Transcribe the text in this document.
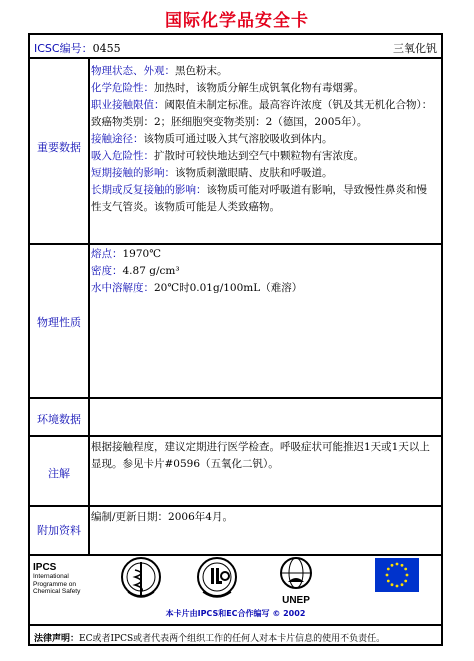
国际化学品安全卡
ICSC编号：0455	三氧化钒
重要数据

物理状态、外观：黑色粉末。

化学危险性：加热时，该物质分解生成钒氧化物有毒烟雾。

职业接触限值：阈限值未制定标准。最高容许浓度（钒及其无机化合物）：致癌物类别：2；胚细胞突变物类别：2（德国，2005年）。

接触途径：该物质可通过吸入其气溶胶吸收到体内。

吸入危险性：扩散时可较快地达到空气中颗粒物有害浓度。

短期接触的影响：该物质刺激眼睛、皮肤和呼吸道。

长期或反复接触的影响：该物质可能对呼吸道有影响，导致慢性鼻炎和慢性支气管炎。该物质可能是人类致癌物。

物理性质

熔点：1970℃

密度：4.87 g/cm³

水中溶解度：20℃时0.01g/100mL（难溶）

环境数据
注解
根据接触程度，建议定期进行医学检查。呼吸症状可能推迟1天或1天以上显现。参见卡片#0596（五氧化二钒）。
附加资料
编制/更新日期：2006年4月。
IPCS
International
Programme on
Chemical Safety
UNEP
本卡片由IPCS和EC合作编写 © 2002
法律声明：EC或者IPCS或者代表两个组织工作的任何人对本卡片信息的使用不负责任。
